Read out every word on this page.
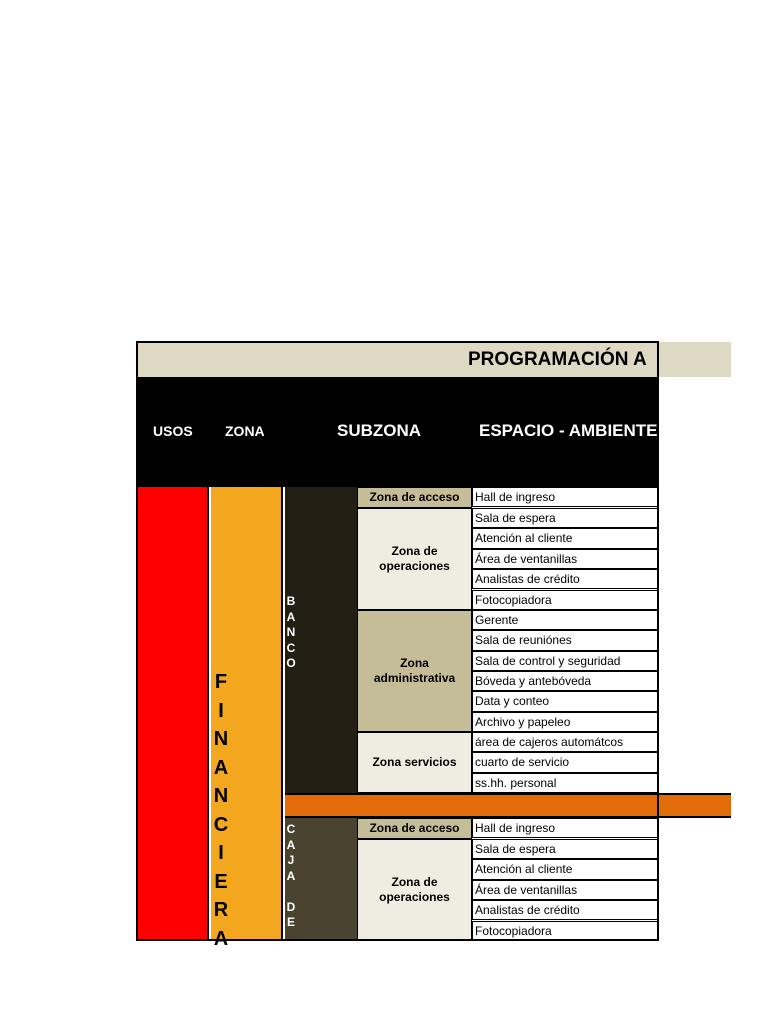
PROGRAMACIÓN A
USOS ZONA	SUBZONA	ESPACIO - AMBIENTE
F
I
N
A
N
C
I
E
R
A
B
A
N
C
O
C
A
J
A

D
E
Zona de acceso
Zona de operaciones
Zona administrativa
Zona servicios
Hall de ingreso
Sala de espera
Atención al cliente
Área de ventanillas
Analistas de crédito
Fotocopiadora
Gerente
Sala de reuniónes
Sala de control y seguridad
Bóveda y antebóveda
Data y conteo
Archivo y papeleo
área de cajeros automátcos
cuarto de servicio
ss.hh. personal
Zona de acceso
Zona de operaciones
Hall de ingreso
Sala de espera
Atención al cliente
Área de ventanillas
Analistas de crédito
Fotocopiadora
